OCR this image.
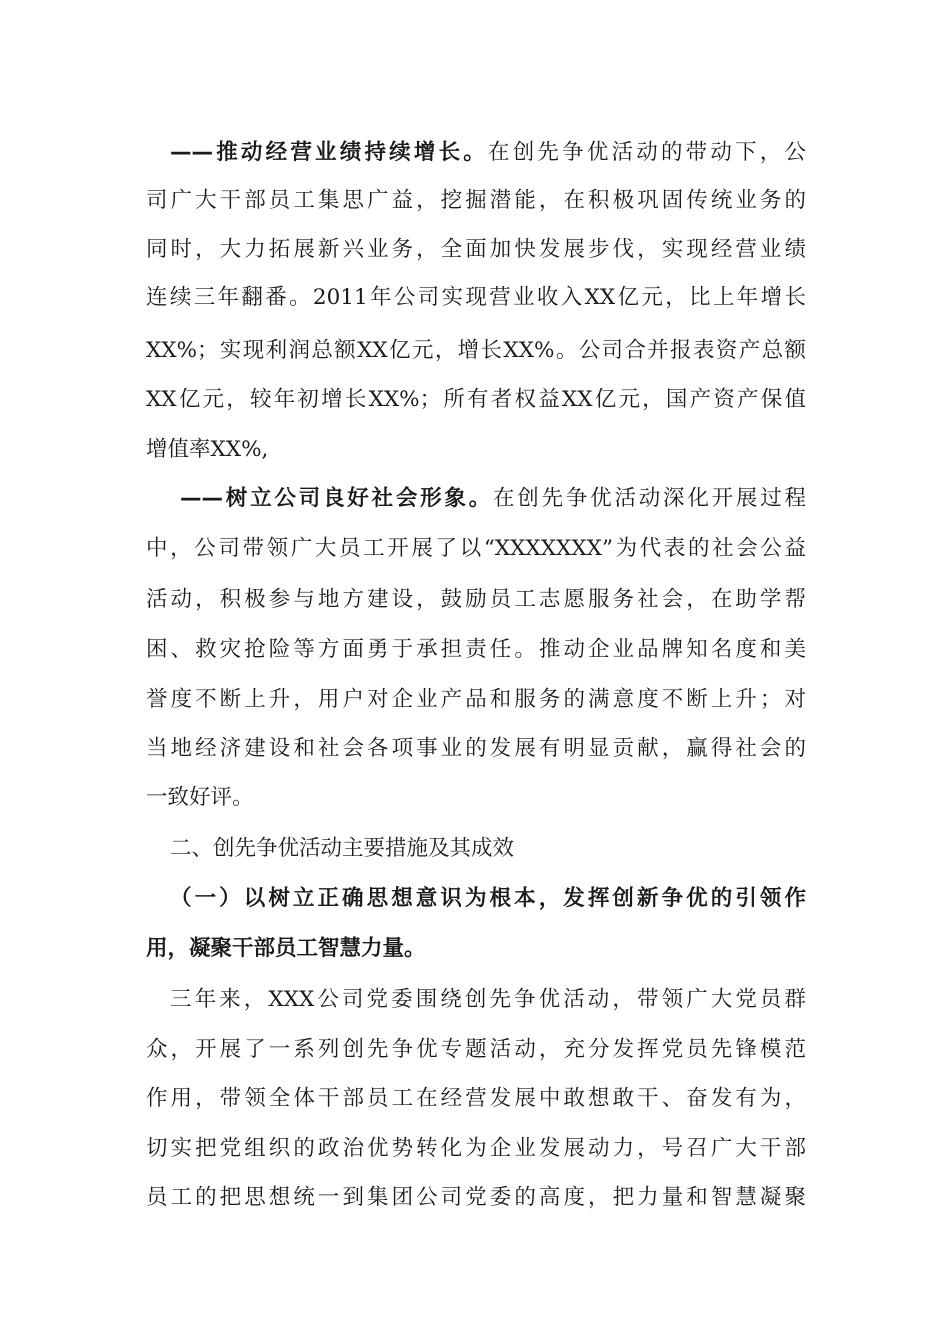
——推动经营业绩持续增长。在创先争优活动的带动下，公
司广大干部员工集思广益，挖掘潜能，在积极巩固传统业务的
同时，大力拓展新兴业务，全面加快发展步伐，实现经营业绩
连续三年翻番。2011年公司实现营业收入XX亿元，比上年增长
XX%；实现利润总额XX亿元，增长XX%。公司合并报表资产总额
XX亿元，较年初增长XX%；所有者权益XX亿元，国产资产保值
增值率XX%,
——树立公司良好社会形象。在创先争优活动深化开展过程
中，公司带领广大员工开展了以“XXXXXXX”为代表的社会公益
活动，积极参与地方建设，鼓励员工志愿服务社会，在助学帮
困、救灾抢险等方面勇于承担责任。推动企业品牌知名度和美
誉度不断上升，用户对企业产品和服务的满意度不断上升；对
当地经济建设和社会各项事业的发展有明显贡献，赢得社会的
一致好评。
二、创先争优活动主要措施及其成效
（一）以树立正确思想意识为根本，发挥创新争优的引领作
用，凝聚干部员工智慧力量。
三年来，XXX公司党委围绕创先争优活动，带领广大党员群
众，开展了一系列创先争优专题活动，充分发挥党员先锋模范
作用，带领全体干部员工在经营发展中敢想敢干、奋发有为，
切实把党组织的政治优势转化为企业发展动力，号召广大干部
员工的把思想统一到集团公司党委的高度，把力量和智慧凝聚
